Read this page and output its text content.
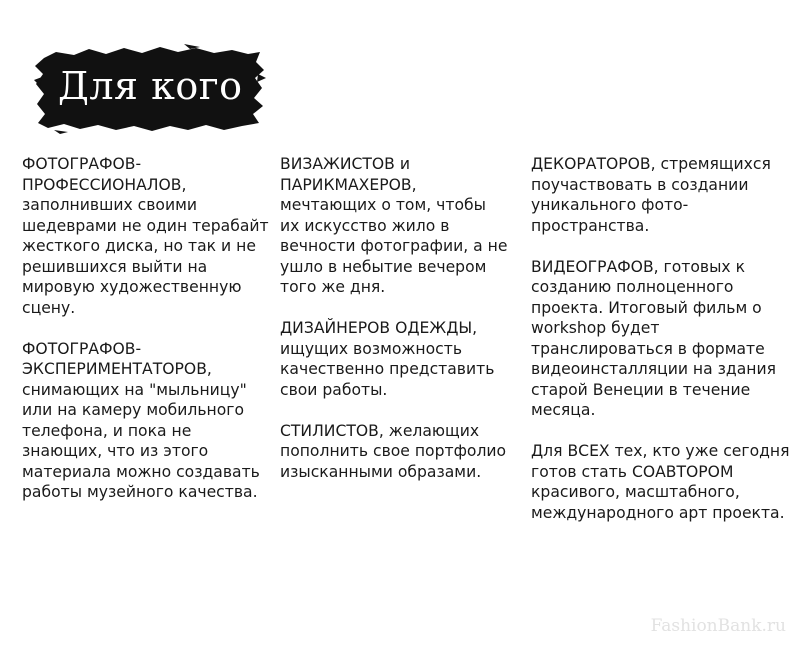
Для кого

ФОТОГРАФОВ-ПРОФЕССИОНАЛОВ, заполнивших своими шедеврами не один терабайт жесткого диска, но так и не решившихся выйти на мировую художественную сцену.

ФОТОГРАФОВ-ЭКСПЕРИМЕНТАТОРОВ, снимающих на "мыльницу" или на камеру мобильного телефона, и пока не знающих, что из этого материала можно создавать работы музейного качества.

ВИЗАЖИСТОВ и ПАРИКМАХЕРОВ, мечтающих о том, чтобы их искусство жило в вечности фотографии, а не ушло в небытие вечером того же дня.

ДИЗАЙНЕРОВ ОДЕЖДЫ, ищущих возможность качественно представить свои работы.

СТИЛИСТОВ, желающих пополнить свое портфолио изысканными образами.

ДЕКОРАТОРОВ, стремящихся поучаствовать в создании уникального фото-пространства.

ВИДЕОГРАФОВ, готовых к созданию полноценного проекта. Итоговый фильм о workshop будет транслироваться в формате видеоинсталляции на здания старой Венеции в течение месяца.

Для ВСЕХ тех, кто уже сегодня готов стать СОАВТОРОМ красивого, масштабного, международного арт проекта.

FashionBank.ru
